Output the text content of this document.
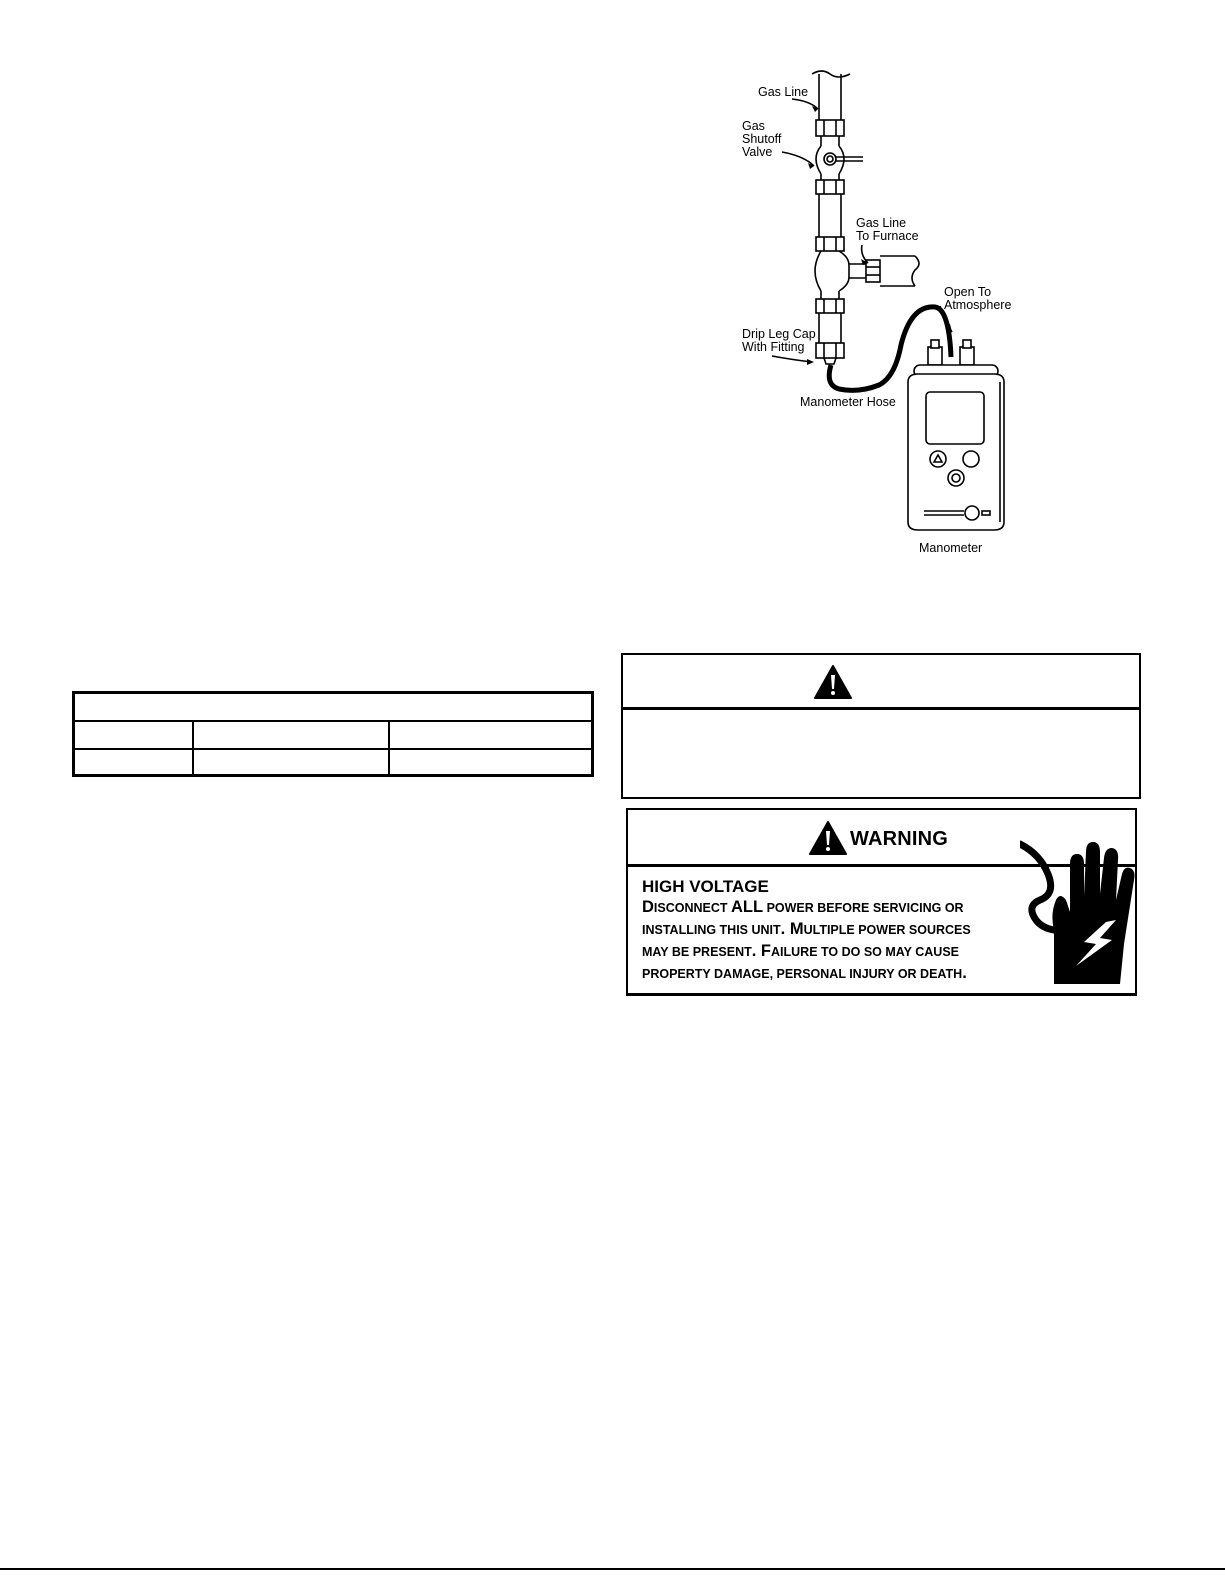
Gas Line
Gas
Shutoff
Valve
Gas Line
To Furnace
Open To
Atmosphere
Drip Leg Cap
With Fitting
Manometer Hose
Manometer
WARNING
HIGH VOLTAGE
DISCONNECT ALL POWER BEFORE SERVICING OR
INSTALLING THIS UNIT. MULTIPLE POWER SOURCES
MAY BE PRESENT. FAILURE TO DO SO MAY CAUSE
PROPERTY DAMAGE, PERSONAL INJURY OR DEATH.
